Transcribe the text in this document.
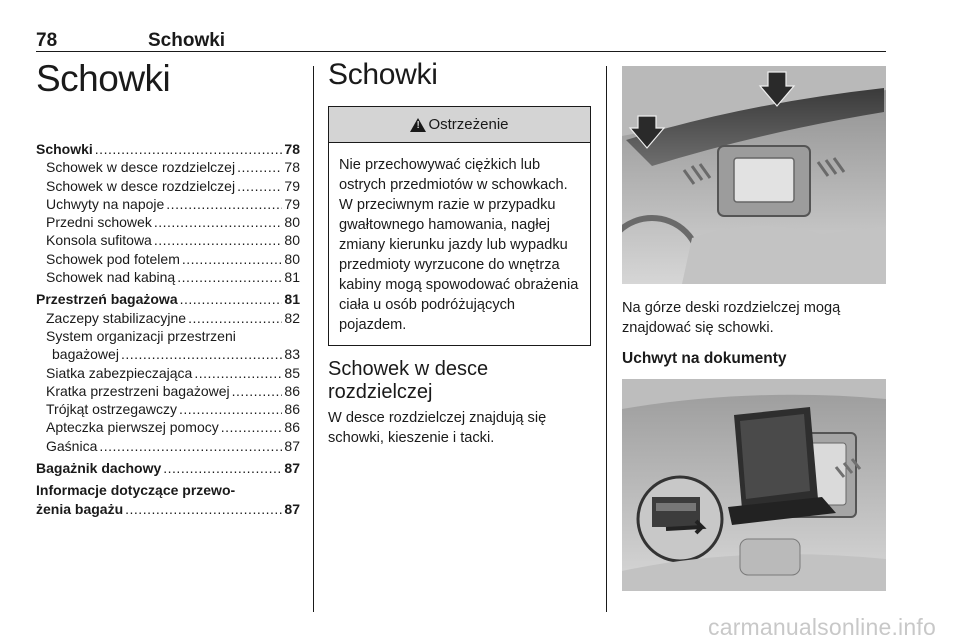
78	Schowki
Schowki
Schowki .....	78
Schowek w desce rozdzielczej .....	78
Schowek w desce rozdzielczej .....	79
Uchwyty na napoje .....	79
Przedni schowek .....	80
Konsola sufitowa .....	80
Schowek pod fotelem .....	80
Schowek nad kabiną .....	81
Przestrzeń bagażowa .....	81
Zaczepy stabilizacyjne .....	82
System organizacji przestrzeni
bagażowej .....	83
Siatka zabezpieczająca .....	85
Kratka przestrzeni bagażowej .....	86
Trójkąt ostrzegawczy .....	86
Apteczka pierwszej pomocy .....	86
Gaśnica .....	87
Bagażnik dachowy .....	87
Informacje dotyczące przewo-
żenia bagażu .....	87
Schowki
!
Ostrzeżenie
Nie przechowywać ciężkich lub ostrych przedmiotów w schowkach. W przeciwnym razie w przypadku gwałtownego hamowania, nagłej zmiany kierunku jazdy lub wypadku przedmioty wyrzucone do wnętrza kabiny mogą spowodować obrażenia ciała u osób podróżujących pojazdem.
Schowek w desce rozdzielczej

W desce rozdzielczej znajdują się schowki, kieszenie i tacki.

Na górze deski rozdzielczej mogą znajdować się schowki.

Uchwyt na dokumenty
carmanualsonline.info
